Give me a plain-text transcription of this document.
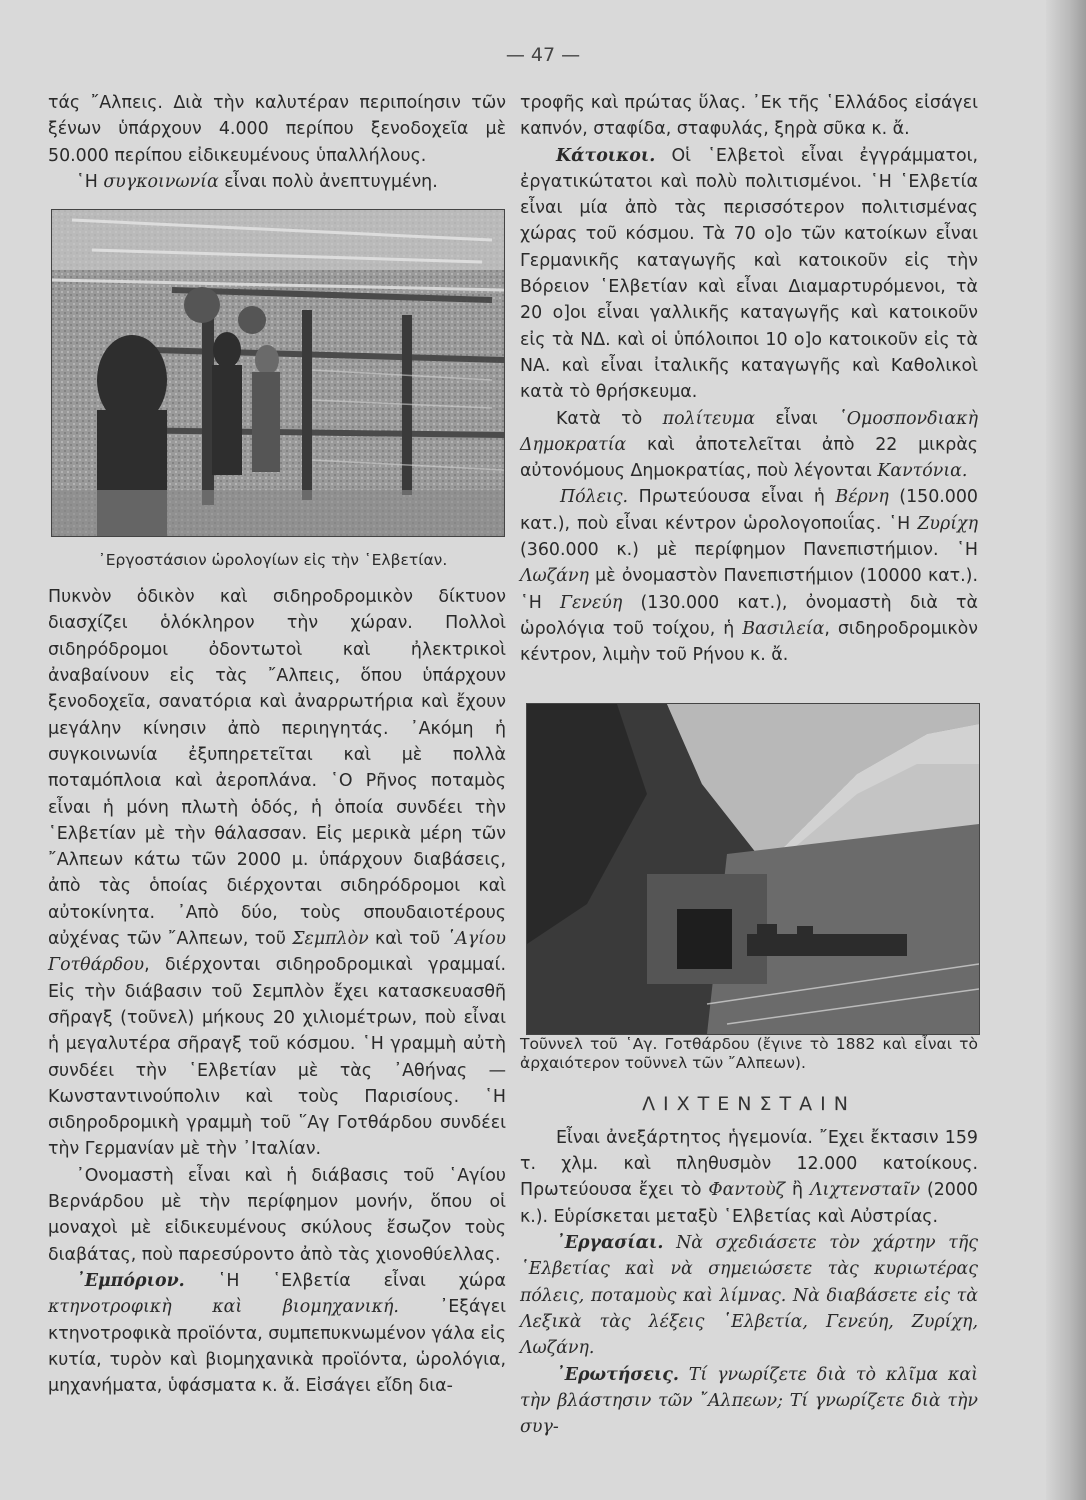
— 47 —

τάς ῎Αλπεις. Διὰ τὴν καλυτέραν περιποίησιν τῶν ξένων ὑπάρχουν 4.000 περίπου ξενοδοχεῖα μὲ 50.000 περίπου εἰδικευμένους ὑπαλλήλους.

῾Η συγκοινωνία εἶναι πολὺ ἀνεπτυγμένη.

᾿Εργοστάσιον ὡρολογίων εἰς τὴν ῾Ελβετίαν.

Πυκνὸν ὁδικὸν καὶ σιδηροδρομικὸν δίκτυον διασχίζει ὁλόκληρον τὴν χώραν. Πολλοὶ σιδηρόδρομοι ὀδοντωτοὶ καὶ ἠλεκτρικοὶ ἀναβαίνουν εἰς τὰς ῎Αλπεις, ὅπου ὑπάρχουν ξενοδοχεῖα, σανατόρια καὶ ἀναρρωτήρια καὶ ἔχουν μεγάλην κίνησιν ἀπὸ περιηγητάς. ᾿Ακόμη ἡ συγκοινωνία ἐξυπηρετεῖται καὶ μὲ πολλὰ ποταμόπλοια καὶ ἀεροπλάνα. ῾Ο Ρῆνος ποταμὸς εἶναι ἡ μόνη πλωτὴ ὁδός, ἡ ὁποία συνδέει τὴν ῾Ελβετίαν μὲ τὴν θάλασσαν. Εἰς μερικὰ μέρη τῶν ῎Αλπεων κάτω τῶν 2000 μ. ὑπάρχουν διαβάσεις, ἀπὸ τὰς ὁποίας διέρχονται σιδηρόδρομοι καὶ αὐτοκίνητα. ᾿Απὸ δύο, τοὺς σπουδαιοτέρους αὐχένας τῶν ῎Αλπεων, τοῦ Σεμπλὸν καὶ τοῦ ῾Αγίου Γοτθάρδου, διέρχονται σιδηροδρομικαὶ γραμμαί. Εἰς τὴν διάβασιν τοῦ Σεμπλὸν ἔχει κατασκευασθῆ σῆραγξ (τοῦνελ) μήκους 20 χιλιομέτρων, ποὺ εἶναι ἡ μεγαλυτέρα σῆραγξ τοῦ κόσμου. ῾Η γραμμὴ αὐτὴ συνδέει τὴν ῾Ελβετίαν μὲ τὰς ᾿Αθήνας — Κωνσταντινούπολιν καὶ τοὺς Παρισίους. ῾Η σιδηροδρομικὴ γραμμὴ τοῦ ῞Αγ Γοτθάρδου συνδέει τὴν Γερμανίαν μὲ τὴν ᾿Ιταλίαν.

᾿Ονομαστὴ εἶναι καὶ ἡ διάβασις τοῦ ῾Αγίου Βερνάρδου μὲ τὴν περίφημον μονήν, ὅπου οἱ μοναχοὶ μὲ εἰδικευμένους σκύλους ἔσωζον τοὺς διαβάτας, ποὺ παρεσύροντο ἀπὸ τὰς χιονοθύελλας.

᾿Εμπόριον. ῾Η ῾Ελβετία εἶναι χώρα κτηνοτροφικὴ καὶ βιομηχανική. ᾿Εξάγει κτηνοτροφικὰ προϊόντα, συμπεπυκνωμένον γάλα εἰς κυτία, τυρὸν καὶ βιομηχανικὰ προϊόντα, ὡρολόγια, μηχανήματα, ὑφάσματα κ. ἄ. Εἰσάγει εἴδη δια-

τροφῆς καὶ πρώτας ὕλας. ᾿Εκ τῆς ῾Ελλάδος εἰσάγει καπνόν, σταφίδα, σταφυλάς, ξηρὰ σῦκα κ. ἄ.

Κάτοικοι. Οἱ ῾Ελβετοὶ εἶναι ἐγγράμματοι, ἐργατικώτατοι καὶ πολὺ πολιτισμένοι. ῾Η ῾Ελβετία εἶναι μία ἀπὸ τὰς περισσότερον πολιτισμένας χώρας τοῦ κόσμου. Τὰ 70 ο]ο τῶν κατοίκων εἶναι Γερμανικῆς καταγωγῆς καὶ κατοικοῦν εἰς τὴν Βόρειον ῾Ελβετίαν καὶ εἶναι Διαμαρτυρόμενοι, τὰ 20 ο]οι εἶναι γαλλικῆς καταγωγῆς καὶ κατοικοῦν εἰς τὰ ΝΔ. καὶ οἱ ὑπόλοιποι 10 ο]ο κατοικοῦν εἰς τὰ ΝΑ. καὶ εἶναι ἰταλικῆς καταγωγῆς καὶ Καθολικοὶ κατὰ τὸ θρήσκευμα.

Κατὰ τὸ πολίτευμα εἶναι ῾Ομοσπονδιακὴ Δημοκρατία καὶ ἀποτελεῖται ἀπὸ 22 μικρὰς αὐτονόμους Δημοκρατίας, ποὺ λέγονται Καντόνια.

Πόλεις. Πρωτεύουσα εἶναι ἡ Βέρνη (150.000 κατ.), ποὺ εἶναι κέντρον ὡρολογοποιΐας. ῾Η Ζυρίχη (360.000 κ.) μὲ περίφημον Πανεπιστήμιον. ῾Η Λωζάνη μὲ ὀνομαστὸν Πανεπιστήμιον (10000 κατ.). ῾Η Γενεύη (130.000 κατ.), ὀνομαστὴ διὰ τὰ ὡρολόγια τοῦ τοίχου, ἡ Βασιλεία, σιδηροδρομικὸν κέντρον, λιμὴν τοῦ Ρήνου κ. ἄ.

Τοῦννελ τοῦ ῾Αγ. Γοτθάρδου (ἔγινε τὸ 1882 καὶ εἶναι τὸ ἀρχαιότερον τοῦννελ τῶν ῎Αλπεων).

ΛΙΧΤΕΝΣΤΑΙΝ

Εἶναι ἀνεξάρτητος ἡγεμονία. ῎Εχει ἔκτασιν 159 τ. χλμ. καὶ πληθυσμὸν 12.000 κατοίκους. Πρωτεύουσα ἔχει τὸ Φαντοὺζ ἢ Λιχτενσταῖν (2000 κ.). Εὑρίσκεται μεταξὺ ῾Ελβετίας καὶ Αὐστρίας.

᾿Εργασίαι. Νὰ σχεδιάσετε τὸν χάρτην τῆς ῾Ελβετίας καὶ νὰ σημειώσετε τὰς κυριωτέρας πόλεις, ποταμοὺς καὶ λίμνας. Νὰ διαβάσετε εἰς τὰ Λεξικὰ τὰς λέξεις ῾Ελβετία, Γενεύη, Ζυρίχη, Λωζάνη.

᾿Ερωτήσεις. Τί γνωρίζετε διὰ τὸ κλῖμα καὶ τὴν βλάστησιν τῶν ῎Αλπεων; Τί γνωρίζετε διὰ τὴν συγ-
